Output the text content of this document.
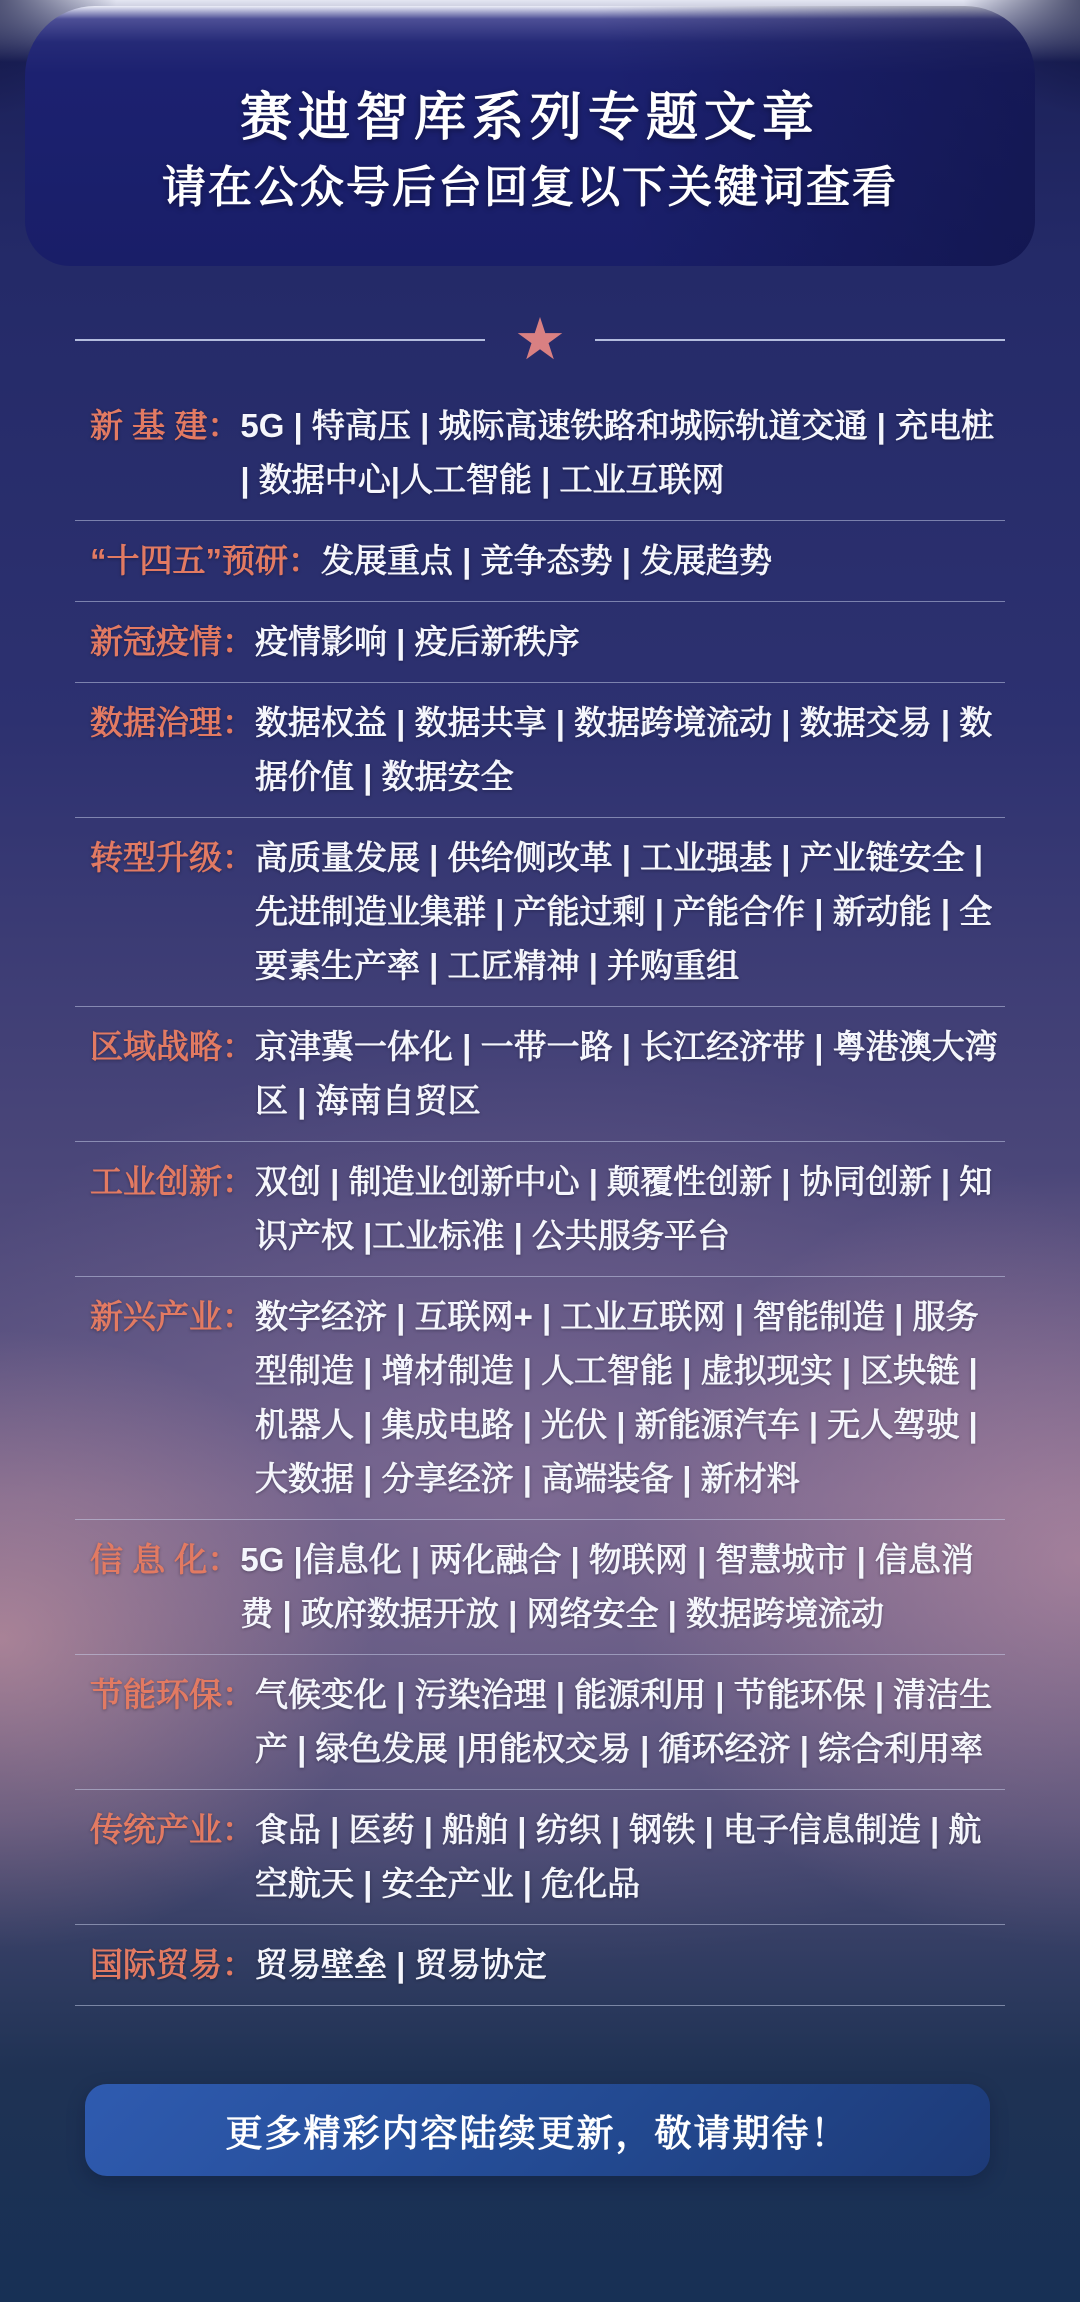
赛迪智库系列专题文章
请在公众号后台回复以下关键词查看
★
新 基 建： 5G | 特高压 | 城际高速铁路和城际轨道交通 | 充电桩 | 数据中心|人工智能 | 工业互联网
“十四五”预研： 发展重点 | 竞争态势 | 发展趋势
新冠疫情： 疫情影响 | 疫后新秩序
数据治理： 数据权益 | 数据共享 | 数据跨境流动 | 数据交易 | 数据价值 | 数据安全
转型升级： 高质量发展 | 供给侧改革 | 工业强基 | 产业链安全 | 先进制造业集群 | 产能过剩 | 产能合作 | 新动能 | 全要素生产率 | 工匠精神 | 并购重组
区域战略： 京津冀一体化 | 一带一路 | 长江经济带 | 粤港澳大湾区 | 海南自贸区
工业创新： 双创 | 制造业创新中心 | 颠覆性创新 | 协同创新 | 知识产权 |工业标准 | 公共服务平台
新兴产业： 数字经济 | 互联网+ | 工业互联网 | 智能制造 | 服务型制造 | 增材制造 | 人工智能 | 虚拟现实 | 区块链 | 机器人 | 集成电路 | 光伏 | 新能源汽车 | 无人驾驶 | 大数据 | 分享经济 | 高端装备 | 新材料
信 息 化： 5G |信息化 | 两化融合 | 物联网 | 智慧城市 | 信息消费 | 政府数据开放 | 网络安全 | 数据跨境流动
节能环保： 气候变化 | 污染治理 | 能源利用 | 节能环保 | 清洁生产 | 绿色发展 |用能权交易 | 循环经济 | 综合利用率
传统产业： 食品 | 医药 | 船舶 | 纺织 | 钢铁 | 电子信息制造 | 航空航天 | 安全产业 | 危化品
国际贸易： 贸易壁垒 | 贸易协定
更多精彩内容陆续更新，敬请期待！
